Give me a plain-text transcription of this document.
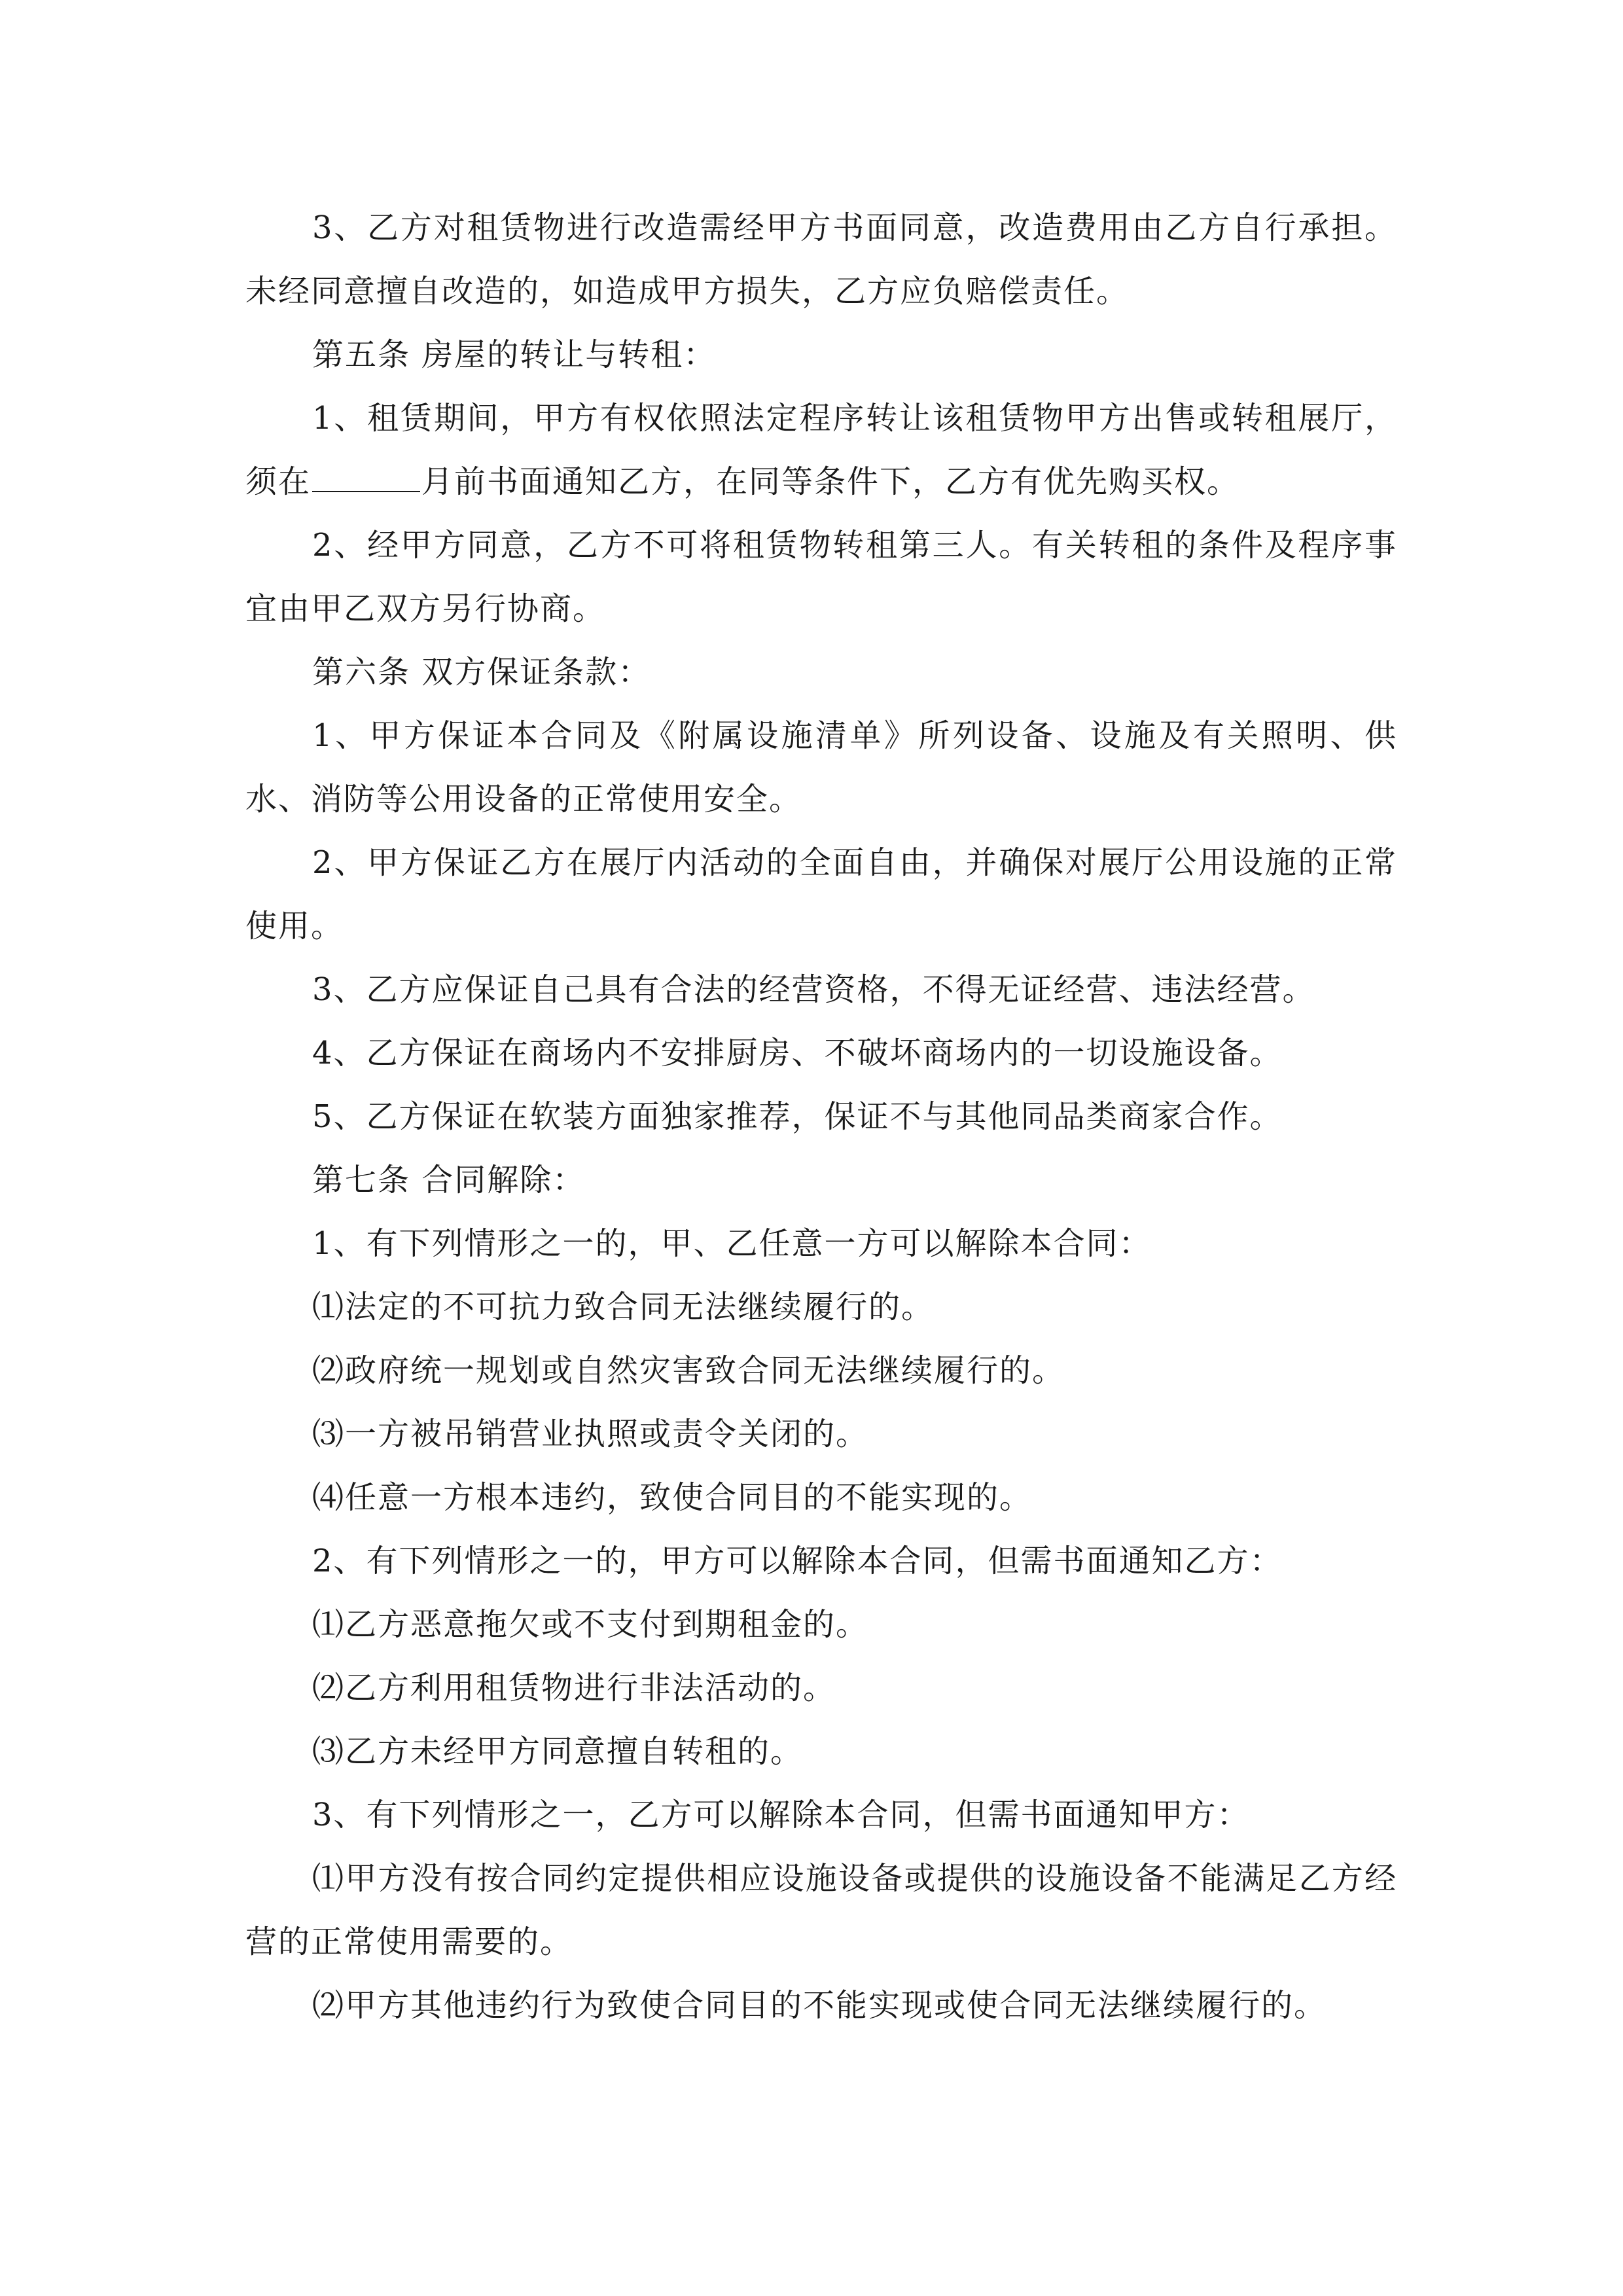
3、乙方对租赁物进行改造需经甲方书面同意，改造费用由乙方自行承担。未经同意擅自改造的，如造成甲方损失，乙方应负赔偿责任。

第五条 房屋的转让与转租：

1、租赁期间，甲方有权依照法定程序转让该租赁物甲方出售或转租展厅，须在	月前书面通知乙方，在同等条件下，乙方有优先购买权。

2、经甲方同意，乙方不可将租赁物转租第三人。有关转租的条件及程序事宜由甲乙双方另行协商。

第六条 双方保证条款：

1、甲方保证本合同及《附属设施清单》所列设备、设施及有关照明、供水、消防等公用设备的正常使用安全。

2、甲方保证乙方在展厅内活动的全面自由，并确保对展厅公用设施的正常使用。

3、乙方应保证自己具有合法的经营资格，不得无证经营、违法经营。

4、乙方保证在商场内不安排厨房、不破坏商场内的一切设施设备。

5、乙方保证在软装方面独家推荐，保证不与其他同品类商家合作。

第七条 合同解除：

1、有下列情形之一的，甲、乙任意一方可以解除本合同：

⑴法定的不可抗力致合同无法继续履行的。

⑵政府统一规划或自然灾害致合同无法继续履行的。

⑶一方被吊销营业执照或责令关闭的。

⑷任意一方根本违约，致使合同目的不能实现的。

2、有下列情形之一的，甲方可以解除本合同，但需书面通知乙方：

⑴乙方恶意拖欠或不支付到期租金的。

⑵乙方利用租赁物进行非法活动的。

⑶乙方未经甲方同意擅自转租的。

3、有下列情形之一，乙方可以解除本合同，但需书面通知甲方：

⑴甲方没有按合同约定提供相应设施设备或提供的设施设备不能满足乙方经营的正常使用需要的。

⑵甲方其他违约行为致使合同目的不能实现或使合同无法继续履行的。
